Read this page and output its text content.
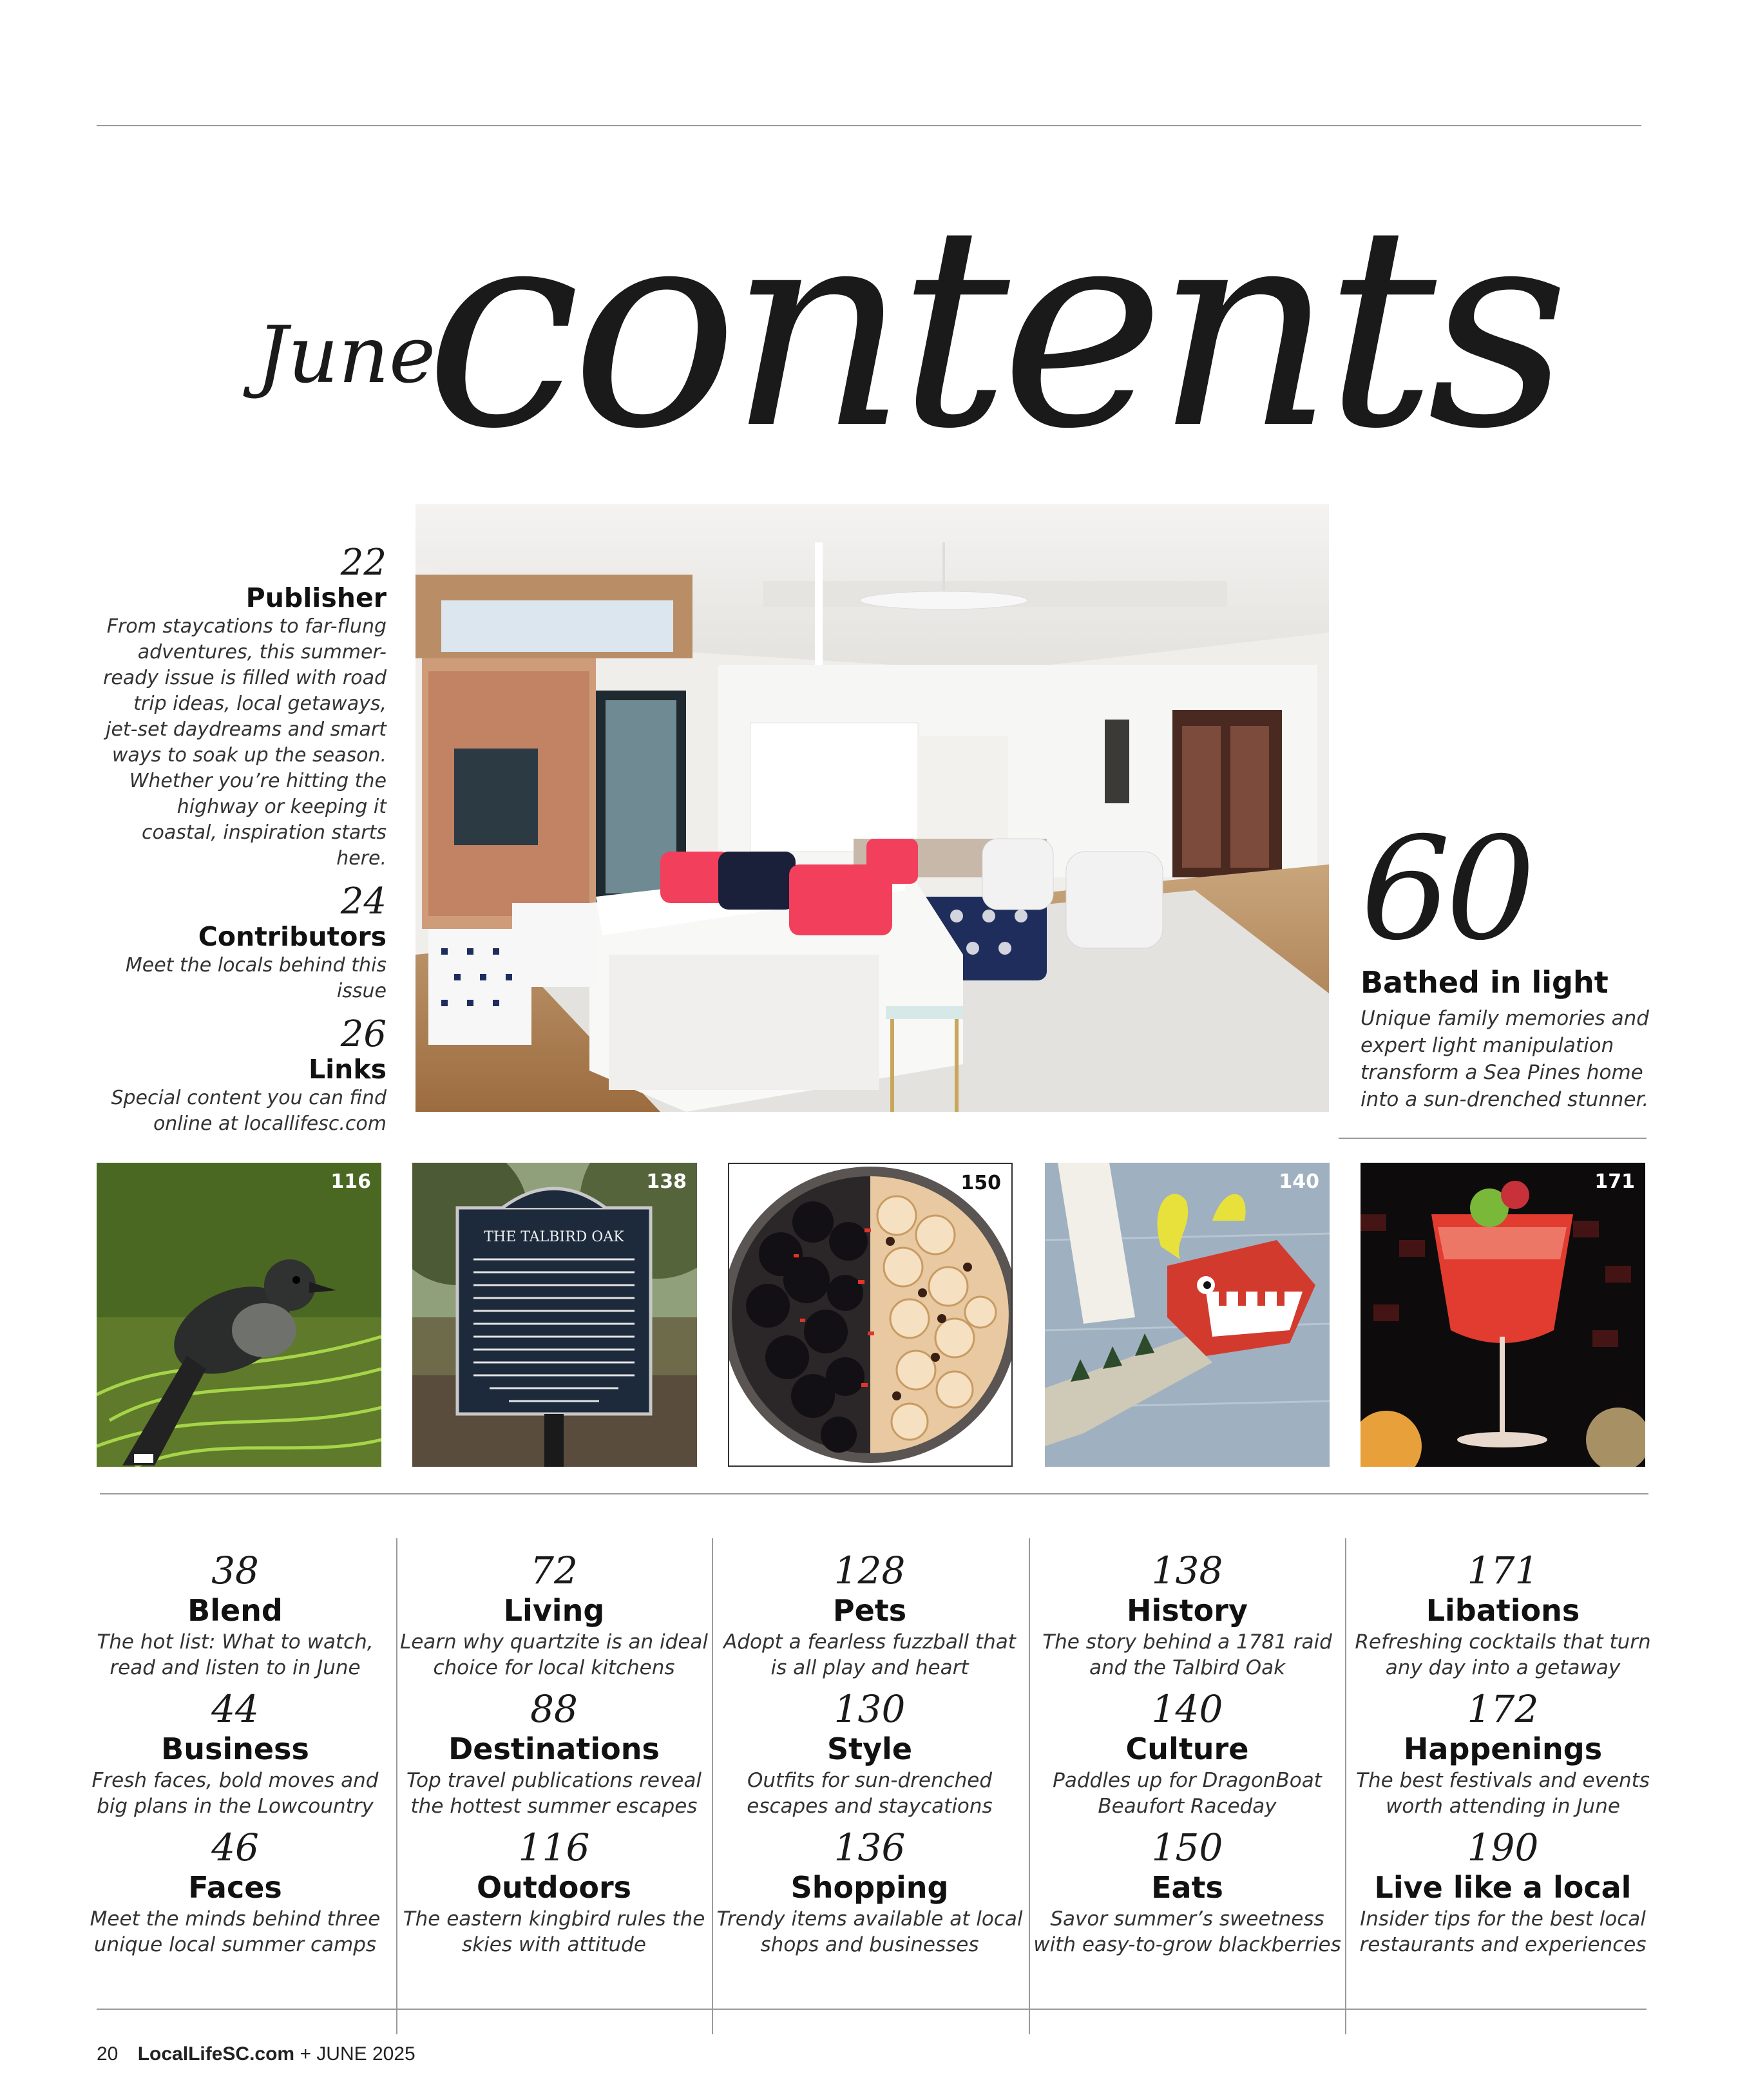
June
contents
22
Publisher
From staycations to far-flung adventures, this summer-ready issue is filled with road trip ideas, local getaways, jet-set daydreams and smart ways to soak up the season. Whether you’re hitting the highway or keeping it coastal, inspiration starts here.
24
Contributors
Meet the locals behind this issue
26
Links
Special content you can find online at locallifesc.com
60
Bathed in light
Unique family memories and expert light manipulation transform a Sea Pines home into a sun-drenched stunner.
116
THE TALBIRD OAK
138	150	140	171
38
Blend
The hot list: What to watch, read and listen to in June
44
Business
Fresh faces, bold moves and big plans in the Lowcountry
46
Faces
Meet the minds behind three unique local summer camps
72
Living
Learn why quartzite is an ideal choice for local kitchens
88
Destinations
Top travel publications reveal the hottest summer escapes
116
Outdoors
The eastern kingbird rules the skies with attitude
128
Pets
Adopt a fearless fuzzball that is all play and heart
130
Style
Outfits for sun-drenched escapes and staycations
136
Shopping
Trendy items available at local shops and businesses
138
History
The story behind a 1781 raid and the Talbird Oak
140
Culture
Paddles up for DragonBoat Beaufort Raceday
150
Eats
Savor summer’s sweetness with easy-to-grow blackberries
171
Libations
Refreshing cocktails that turn any day into a getaway
172
Happenings
The best festivals and events worth attending in June
190
Live like a local
Insider tips for the best local restaurants and experiences
20 LocalLifeSC.com + JUNE 2025
